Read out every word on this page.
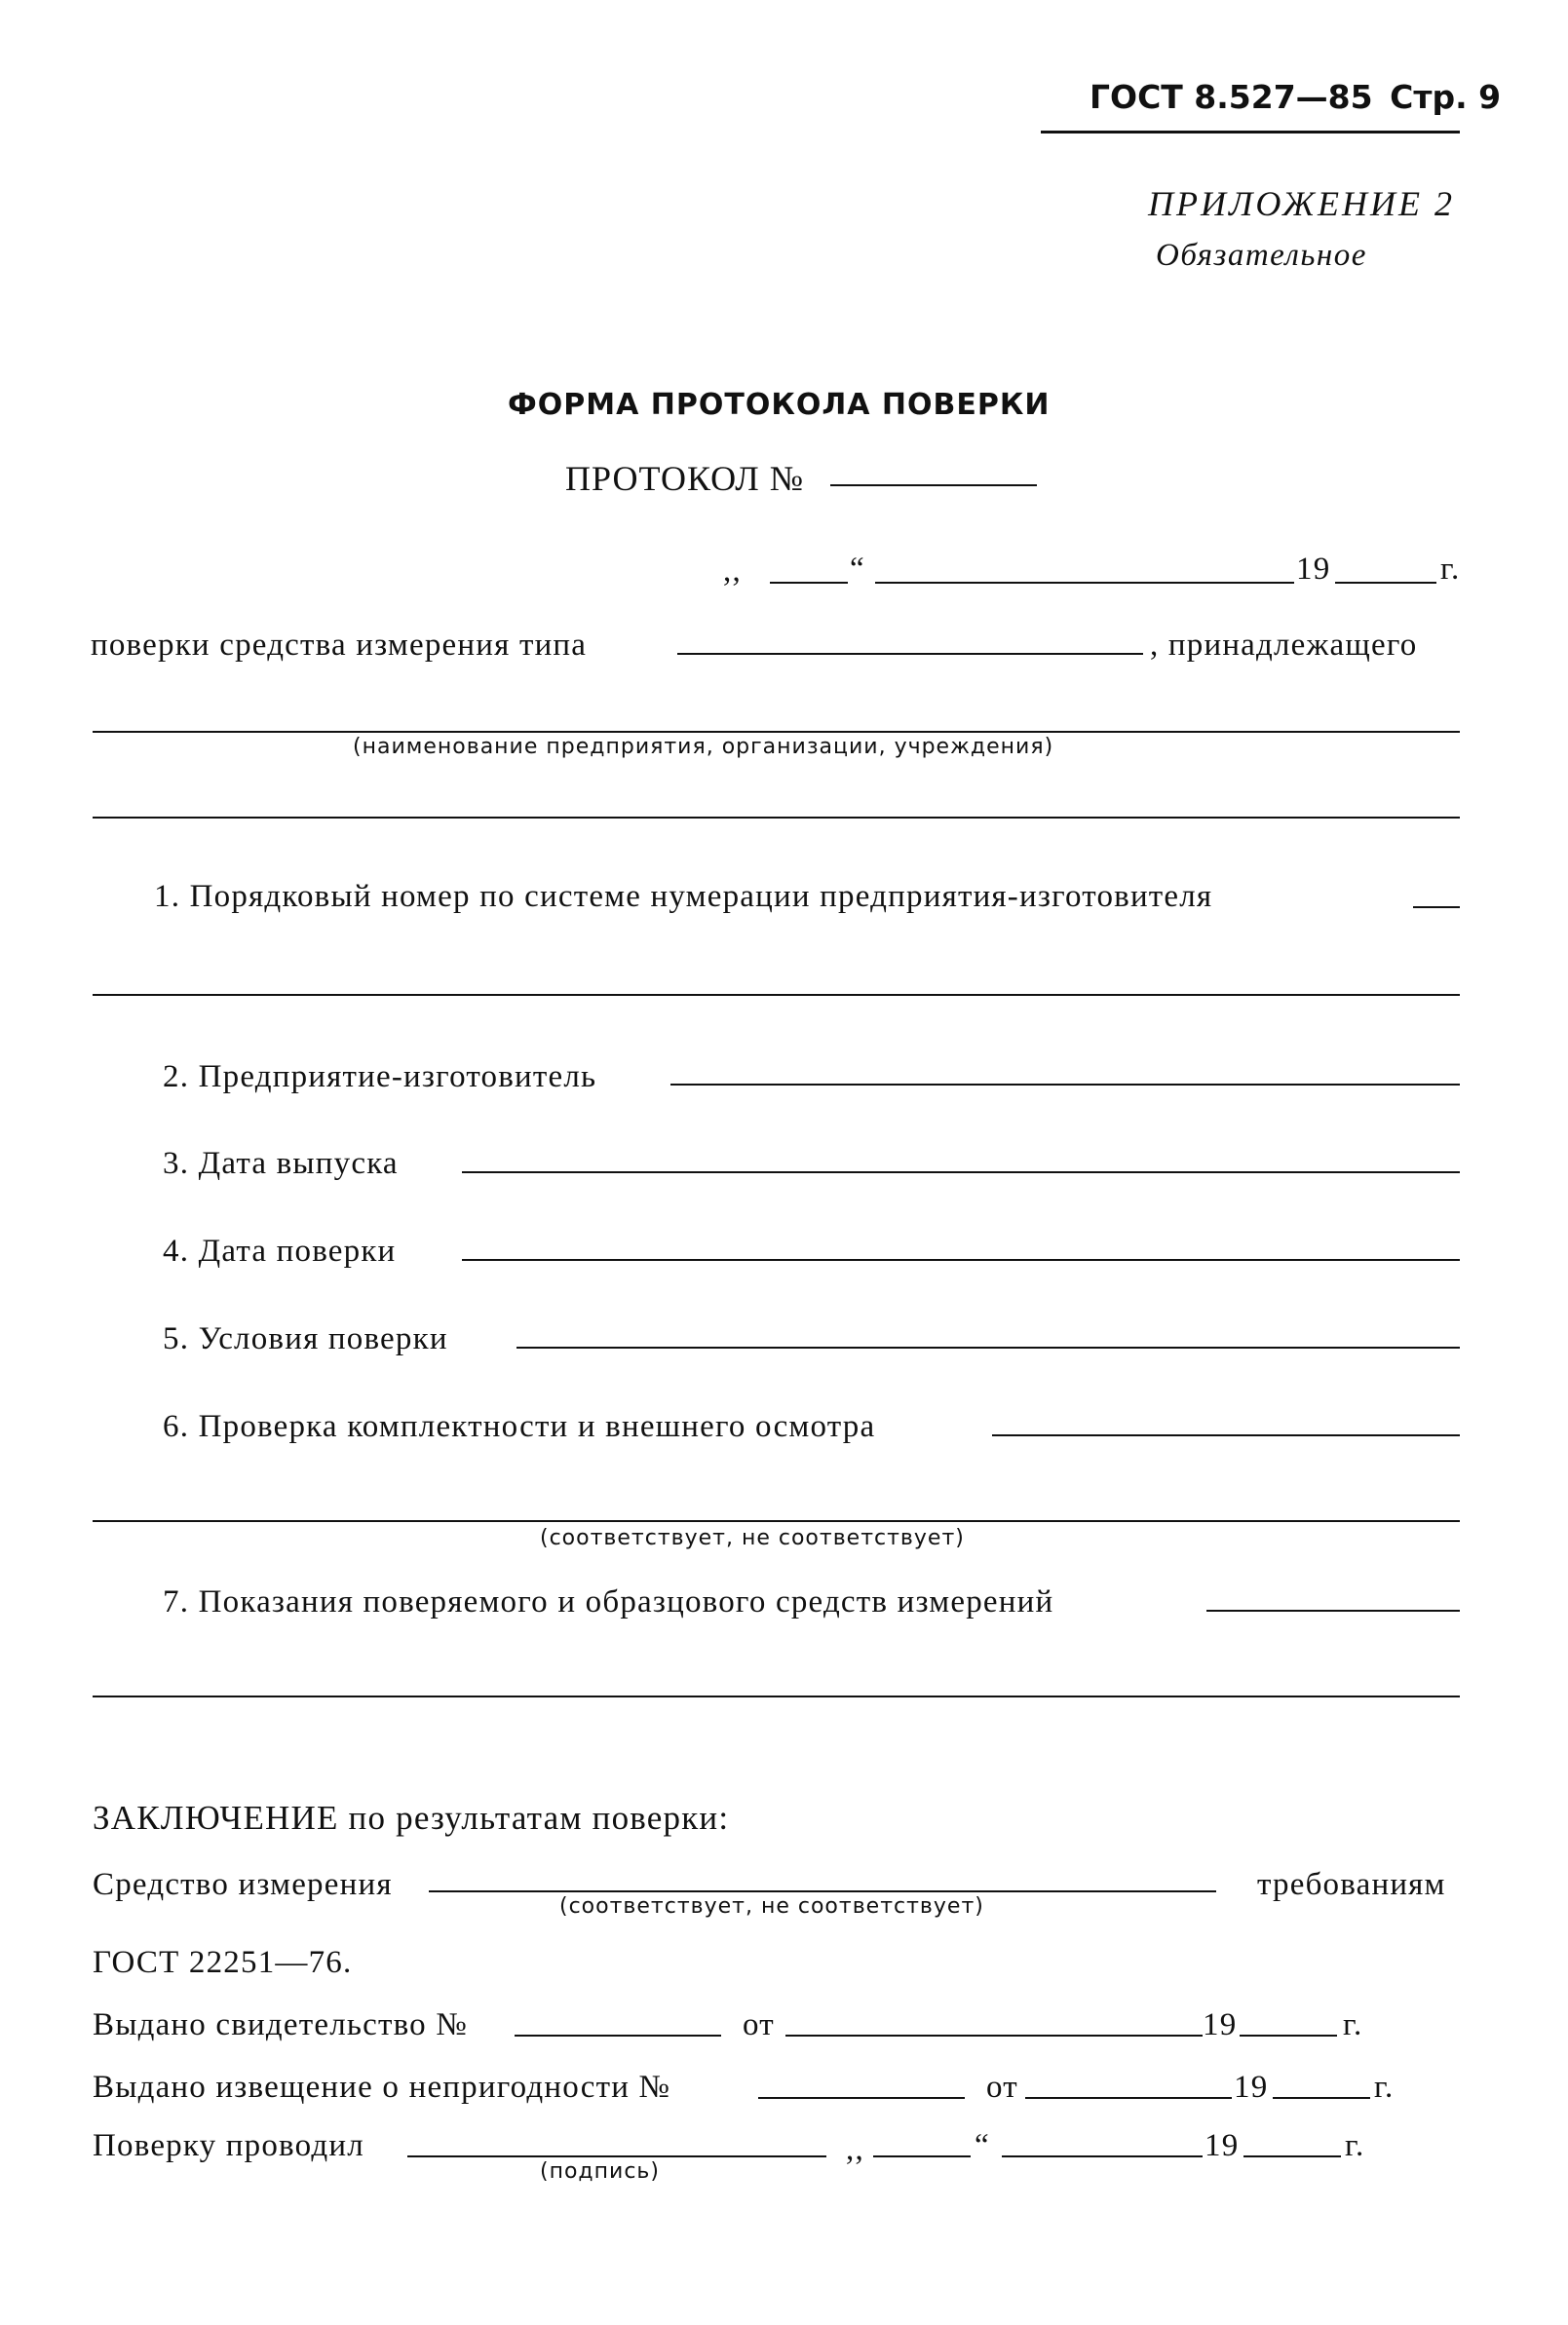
ГОСТ 8.527—85 Стр. 9
ПРИЛОЖЕНИЕ 2
Обязательное
ФОРМА ПРОТОКОЛА ПОВЕРКИ
ПРОТОКОЛ №
,,	“	19	г.
поверки средства измерения типа	, принадлежащего
(наименование предприятия, организации, учреждения)
1. Порядковый номер по системе нумерации предприятия-изготовителя
2. Предприятие-изготовитель
3. Дата выпуска
4. Дата поверки
5. Условия поверки
6. Проверка комплектности и внешнего осмотра
(соответствует, не соответствует)
7. Показания поверяемого и образцового средств измерений
ЗАКЛЮЧЕНИЕ по результатам поверки:
Средство измерения
(соответствует, не соответствует)
требованиям
ГОСТ 22251—76.
Выдано свидетельство №	от	19	г.
Выдано извещение о непригодности №	от	19	г.
Поверку проводил
(подпись)
,,	“	19	г.
